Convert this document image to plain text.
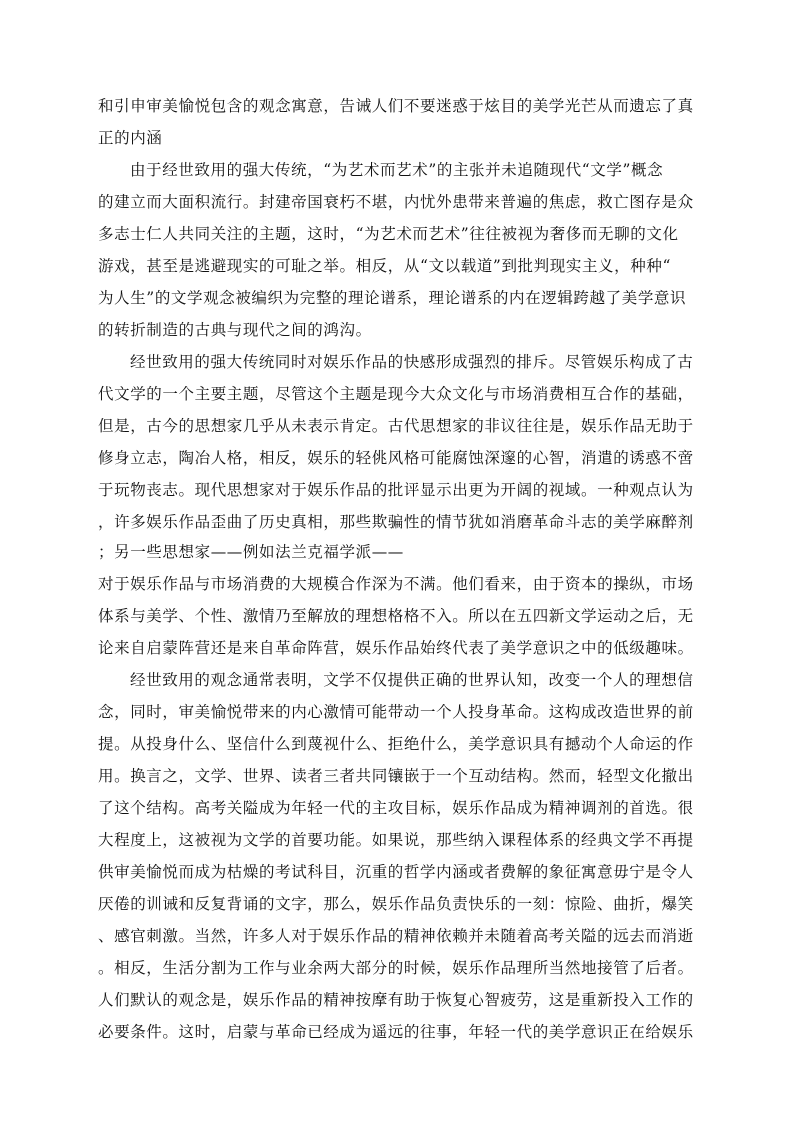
和引申审美愉悦包含的观念寓意，告诫人们不要迷惑于炫目的美学光芒从而遗忘了真
正的内涵
由于经世致用的强大传统，“为艺术而艺术”的主张并未追随现代“文学”概念
的建立而大面积流行。封建帝国衰朽不堪，内忧外患带来普遍的焦虑，救亡图存是众
多志士仁人共同关注的主题，这时，“为艺术而艺术”往往被视为奢侈而无聊的文化
游戏，甚至是逃避现实的可耻之举。相反，从“文以载道”到批判现实主义，种种“
为人生”的文学观念被编织为完整的理论谱系，理论谱系的内在逻辑跨越了美学意识
的转折制造的古典与现代之间的鸿沟。
经世致用的强大传统同时对娱乐作品的快感形成强烈的排斥。尽管娱乐构成了古
代文学的一个主要主题，尽管这个主题是现今大众文化与市场消费相互合作的基础，
但是，古今的思想家几乎从未表示肯定。古代思想家的非议往往是，娱乐作品无助于
修身立志，陶冶人格，相反，娱乐的轻佻风格可能腐蚀深邃的心智，消遣的诱惑不啻
于玩物丧志。现代思想家对于娱乐作品的批评显示出更为开阔的视域。一种观点认为
，许多娱乐作品歪曲了历史真相，那些欺骗性的情节犹如消磨革命斗志的美学麻醉剂
；另一些思想家——例如法兰克福学派——
对于娱乐作品与市场消费的大规模合作深为不满。他们看来，由于资本的操纵，市场
体系与美学、个性、激情乃至解放的理想格格不入。所以在五四新文学运动之后，无
论来自启蒙阵营还是来自革命阵营，娱乐作品始终代表了美学意识之中的低级趣味。
经世致用的观念通常表明，文学不仅提供正确的世界认知，改变一个人的理想信
念，同时，审美愉悦带来的内心激情可能带动一个人投身革命。这构成改造世界的前
提。从投身什么、坚信什么到蔑视什么、拒绝什么，美学意识具有撼动个人命运的作
用。换言之，文学、世界、读者三者共同镶嵌于一个互动结构。然而，轻型文化撤出
了这个结构。高考关隘成为年轻一代的主攻目标，娱乐作品成为精神调剂的首选。很
大程度上，这被视为文学的首要功能。如果说，那些纳入课程体系的经典文学不再提
供审美愉悦而成为枯燥的考试科目，沉重的哲学内涵或者费解的象征寓意毋宁是令人
厌倦的训诫和反复背诵的文字，那么，娱乐作品负责快乐的一刻：惊险、曲折，爆笑
、感官刺激。当然，许多人对于娱乐作品的精神依赖并未随着高考关隘的远去而消逝
。相反，生活分割为工作与业余两大部分的时候，娱乐作品理所当然地接管了后者。
人们默认的观念是，娱乐作品的精神按摩有助于恢复心智疲劳，这是重新投入工作的
必要条件。这时，启蒙与革命已经成为遥远的往事，年轻一代的美学意识正在给娱乐
